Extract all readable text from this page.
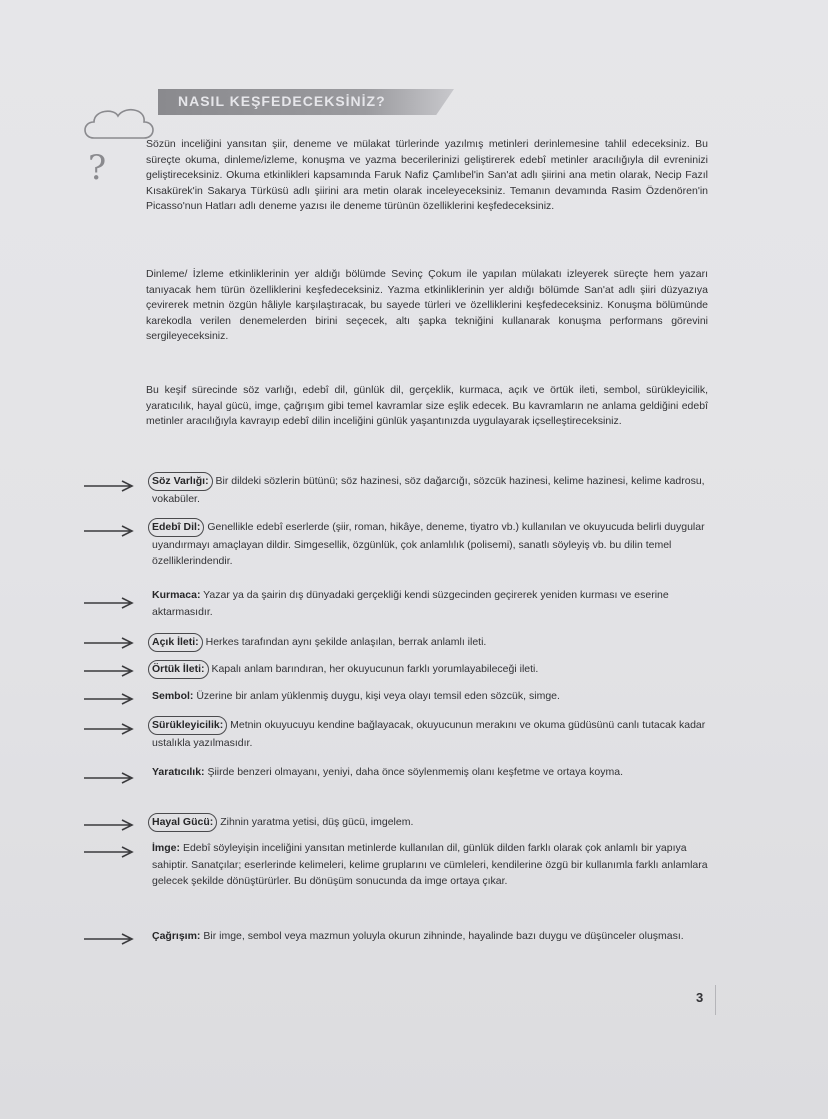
?
NASIL KEŞFEDECEKSİNİZ?

Sözün inceliğini yansıtan şiir, deneme ve mülakat türlerinde yazılmış metinleri derinlemesine tahlil edeceksiniz. Bu süreçte okuma, dinleme/izleme, konuşma ve yazma becerilerinizi geliştirerek edebî metinler aracılığıyla dil evreninizi geliştireceksiniz. Okuma etkinlikleri kapsamında Faruk Nafiz Çamlıbel'in San'at adlı şiirini ana metin olarak, Necip Fazıl Kısakürek'in Sakarya Türküsü adlı şiirini ara metin olarak inceleyeceksiniz. Temanın devamında Rasim Özdenören'in Picasso'nun Hatları adlı deneme yazısı ile deneme türünün özelliklerini keşfedeceksiniz.

Dinleme/ İzleme etkinliklerinin yer aldığı bölümde Sevinç Çokum ile yapılan mülakatı izleyerek süreçte hem yazarı tanıyacak hem türün özelliklerini keşfedeceksiniz. Yazma etkinliklerinin yer aldığı bölümde San'at adlı şiiri düzyazıya çevirerek metnin özgün hâliyle karşılaştıracak, bu sayede türleri ve özelliklerini keşfedeceksiniz. Konuşma bölümünde karekodla verilen denemelerden birini seçecek, altı şapka tekniğini kullanarak konuşma performans görevini sergileyeceksiniz.

Bu keşif sürecinde söz varlığı, edebî dil, günlük dil, gerçeklik, kurmaca, açık ve örtük ileti, sembol, sürükleyicilik, yaratıcılık, hayal gücü, imge, çağrışım gibi temel kavramlar size eşlik edecek. Bu kavramların ne anlama geldiğini edebî metinler aracılığıyla kavrayıp edebî dilin inceliğini günlük yaşantınızda uygulayarak içselleştireceksiniz.

Söz Varlığı: Bir dildeki sözlerin bütünü; söz hazinesi, söz dağarcığı, sözcük hazinesi, kelime hazinesi, kelime kadrosu, vokabüler.

Edebî Dil: Genellikle edebî eserlerde (şiir, roman, hikâye, deneme, tiyatro vb.) kullanılan ve okuyucuda belirli duygular uyandırmayı amaçlayan dildir. Simgesellik, özgünlük, çok anlamlılık (polisemi), sanatlı söyleyiş vb. bu dilin temel özelliklerindendir.

Kurmaca: Yazar ya da şairin dış dünyadaki gerçekliği kendi süzgecinden geçirerek yeniden kurması ve eserine aktarmasıdır.

Açık İleti: Herkes tarafından aynı şekilde anlaşılan, berrak anlamlı ileti.

Örtük İleti: Kapalı anlam barındıran, her okuyucunun farklı yorumlayabileceği ileti.

Sembol: Üzerine bir anlam yüklenmiş duygu, kişi veya olayı temsil eden sözcük, simge.

Sürükleyicilik: Metnin okuyucuyu kendine bağlayacak, okuyucunun merakını ve okuma güdüsünü canlı tutacak kadar ustalıkla yazılmasıdır.

Yaratıcılık: Şiirde benzeri olmayanı, yeniyi, daha önce söylenmemiş olanı keşfetme ve ortaya koyma.

Hayal Gücü: Zihnin yaratma yetisi, düş gücü, imgelem.

İmge: Edebî söyleyişin inceliğini yansıtan metinlerde kullanılan dil, günlük dilden farklı olarak çok anlamlı bir yapıya sahiptir. Sanatçılar; eserlerinde kelimeleri, kelime gruplarını ve cümleleri, kendilerine özgü bir kullanımla farklı anlamlara gelecek şekilde dönüştürürler. Bu dönüşüm sonucunda da imge ortaya çıkar.

Çağrışım: Bir imge, sembol veya mazmun yoluyla okurun zihninde, hayalinde bazı duygu ve düşünceler oluşması.

3
